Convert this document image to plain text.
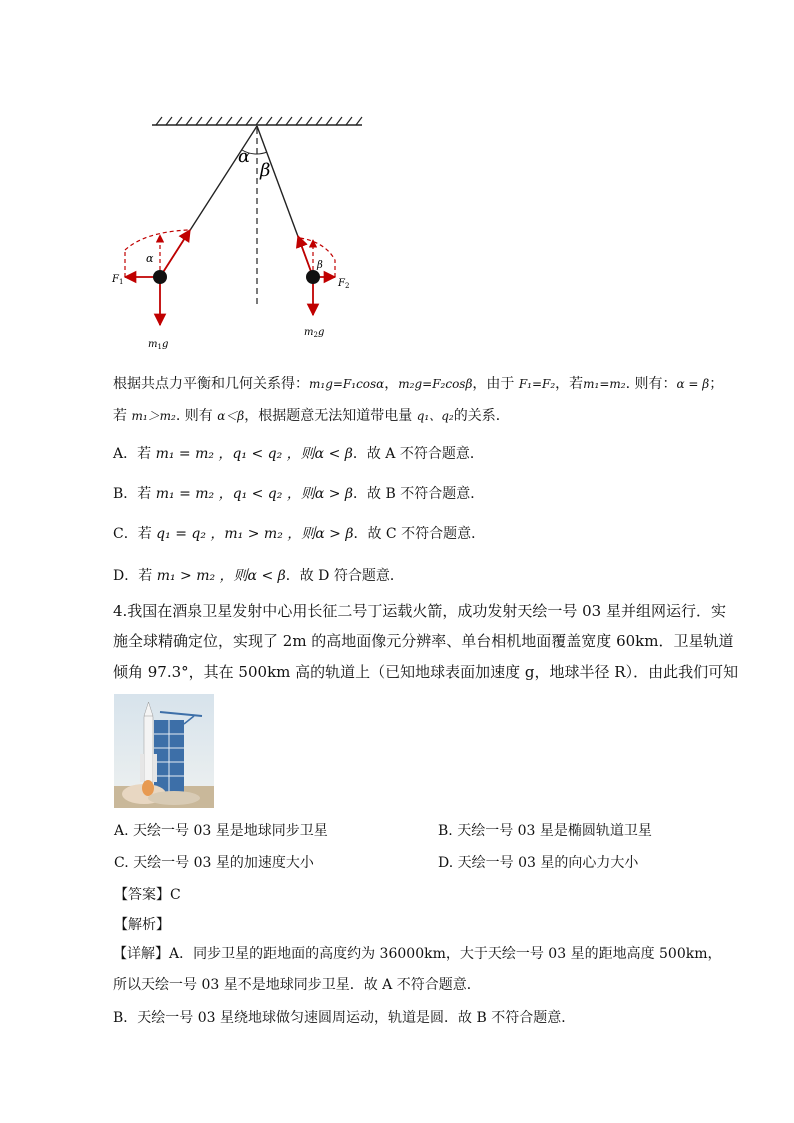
α
β
α
$F_1$
$m_1g$
β
$F_2$
$m_2g$
根据共点力平衡和几何关系得：m₁g=F₁cosα，m₂g=F₂cosβ，由于 F₁=F₂，若m₁=m₂. 则有：α = β；
若 m₁＞m₂. 则有 α＜β，根据题意无法知道带电量 q₁、q₂的关系．
A．若 m₁ = m₂ ，q₁ < q₂ ，则α < β．故 A 不符合题意．
B．若 m₁ = m₂ ，q₁ < q₂ ，则α > β．故 B 不符合题意．
C．若 q₁ = q₂ ，m₁ > m₂ ，则α > β．故 C 不符合题意．
D．若 m₁ > m₂ ，则α < β．故 D 符合题意．
4.我国在酒泉卫星发射中心用长征二号丁运载火箭，成功发射天绘一号 03 星并组网运行．实
施全球精确定位，实现了 2m 的高地面像元分辨率、单台相机地面覆盖宽度 60km．卫星轨道
倾角 97.3°，其在 500km 高的轨道上（已知地球表面加速度 g，地球半径 R）．由此我们可知
A. 天绘一号 03 星是地球同步卫星	B. 天绘一号 03 星是椭圆轨道卫星
C. 天绘一号 03 星的加速度大小	D. 天绘一号 03 星的向心力大小
【答案】C
【解析】
【详解】A．同步卫星的距地面的高度约为 36000km，大于天绘一号 03 星的距地高度 500km，
所以天绘一号 03 星不是地球同步卫星．故 A 不符合题意．
B．天绘一号 03 星绕地球做匀速圆周运动，轨道是圆．故 B 不符合题意．
